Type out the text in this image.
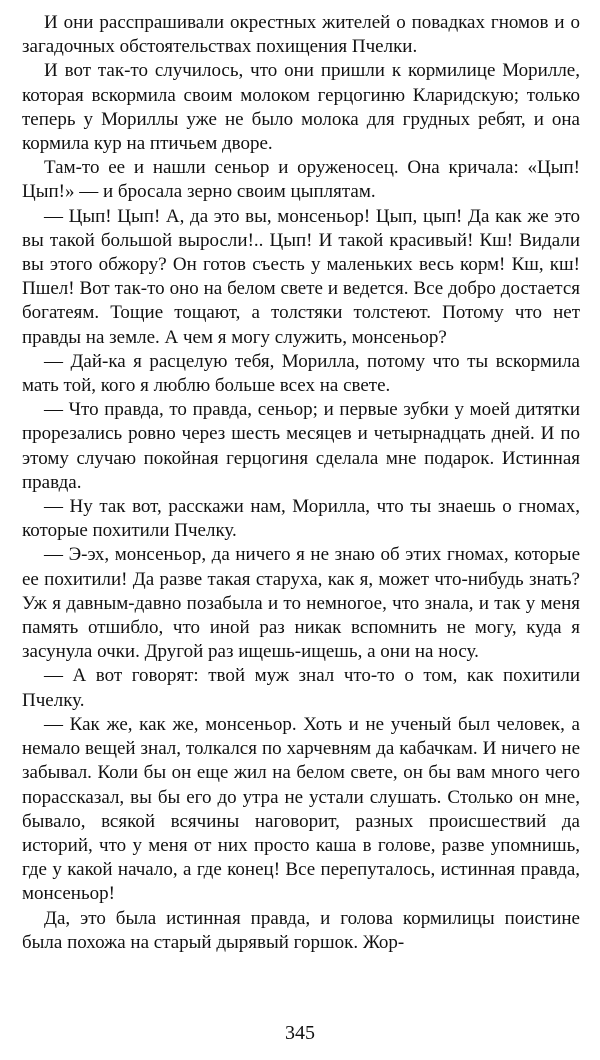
И они расспрашивали окрестных жителей о повадках гномов и о загадочных обстоятельствах похищения Пчелки.

И вот так-то случилось, что они пришли к кормилице Морилле, которая вскормила своим молоком герцогиню Кларидскую; только теперь у Мориллы уже не было молока для грудных ребят, и она кормила кур на птичьем дворе.

Там-то ее и нашли сеньор и оруженосец. Она кричала: «Цып! Цып!» — и бросала зерно своим цыплятам.

— Цып! Цып! А, да это вы, монсеньор! Цып, цып! Да как же это вы такой большой выросли!.. Цып! И такой красивый! Кш! Видали вы этого обжору? Он готов съесть у маленьких весь корм! Кш, кш! Пшел! Вот так-то оно на белом свете и ведется. Все добро достается богатеям. Тощие тощают, а толстяки толстеют. Потому что нет правды на земле. А чем я могу служить, монсеньор?

— Дай-ка я расцелую тебя, Морилла, потому что ты вскормила мать той, кого я люблю больше всех на свете.

— Что правда, то правда, сеньор; и первые зубки у моей дитятки прорезались ровно через шесть месяцев и четырнадцать дней. И по этому случаю покойная герцогиня сделала мне подарок. Истинная правда.

— Ну так вот, расскажи нам, Морилла, что ты знаешь о гномах, которые похитили Пчелку.

— Э-эх, монсеньор, да ничего я не знаю об этих гномах, которые ее похитили! Да разве такая старуха, как я, может что-нибудь знать? Уж я давным-давно позабыла и то немногое, что знала, и так у меня память отшибло, что иной раз никак вспомнить не могу, куда я засунула очки. Другой раз ищешь-ищешь, а они на носу.

— А вот говорят: твой муж знал что-то о том, как похитили Пчелку.

— Как же, как же, монсеньор. Хоть и не ученый был человек, а немало вещей знал, толкался по харчевням да кабачкам. И ничего не забывал. Коли бы он еще жил на белом свете, он бы вам много чего порассказал, вы бы его до утра не устали слушать. Столько он мне, бывало, всякой всячины наговорит, разных происшествий да историй, что у меня от них просто каша в голове, разве упомнишь, где у какой начало, а где конец! Все перепуталось, истинная правда, монсеньор!

Да, это была истинная правда, и голова кормилицы поистине была похожа на старый дырявый горшок. Жор-

345
